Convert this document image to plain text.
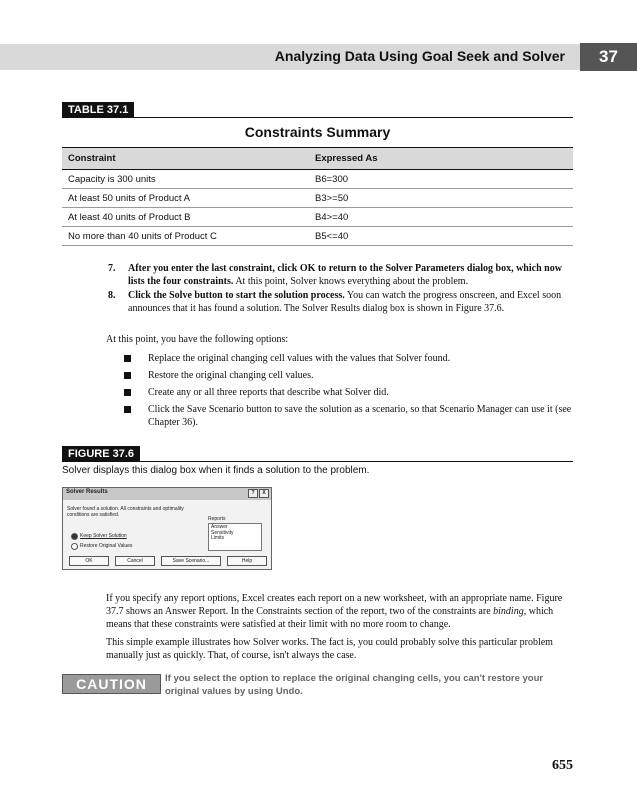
Analyzing Data Using Goal Seek and Solver	37
TABLE 37.1
Constraints Summary
Constraint	Expressed As
Capacity is 300 units	B6=300
At least 50 units of Product A	B3>=50
At least 40 units of Product B	B4>=40
No more than 40 units of Product C	B5<=40
7. After you enter the last constraint, click OK to return to the Solver Parameters dialog box, which now lists the four constraints. At this point, Solver knows everything about the problem.
8. Click the Solve button to start the solution process. You can watch the progress onscreen, and Excel soon announces that it has found a solution. The Solver Results dialog box is shown in Figure 37.6.
At this point, you have the following options:
Replace the original changing cell values with the values that Solver found.
Restore the original changing cell values.
Create any or all three reports that describe what Solver did.
Click the Save Scenario button to save the solution as a scenario, so that Scenario Manager can use it (see Chapter 36).
FIGURE 37.6
Solver displays this dialog box when it finds a solution to the problem.
Solver Results	?	X
Solver found a solution. All constraints and optimality conditions are satisfied.
Reports
Answer
Sensitivity
Limits
Keep Solver Solution
Restore Original Values
OK	Cancel	Save Scenario...	Help
If you specify any report options, Excel creates each report on a new worksheet, with an appropriate name. Figure 37.7 shows an Answer Report. In the Constraints section of the report, two of the constraints are binding, which means that these constraints were satisfied at their limit with no more room to change.
This simple example illustrates how Solver works. The fact is, you could probably solve this particular problem manually just as quickly. That, of course, isn't always the case.
CAUTION	If you select the option to replace the original changing cells, you can't restore your original values by using Undo.
655
